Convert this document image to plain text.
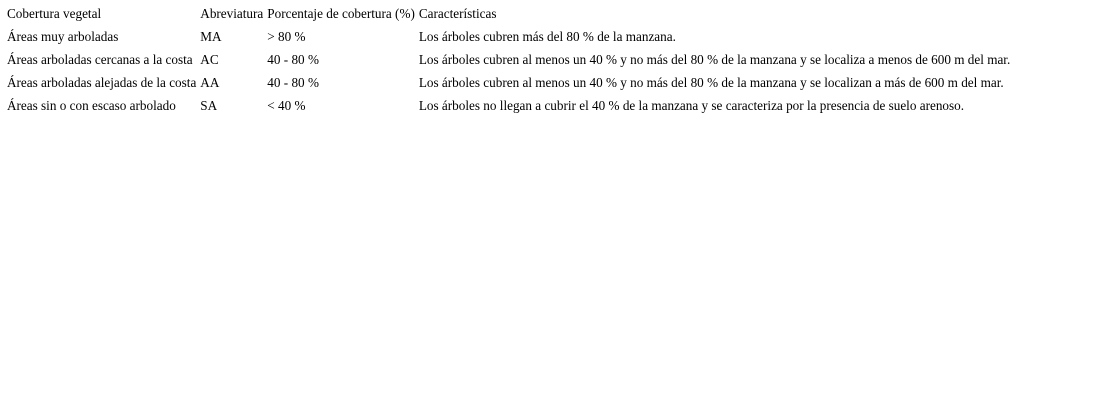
Cobertura vegetal	Abreviatura	Porcentaje de cobertura (%)	Características
Áreas muy arboladas	MA	> 80 %	Los árboles cubren más del 80 % de la manzana.
Áreas arboladas cercanas a la costa	AC	40 - 80 %	Los árboles cubren al menos un 40 % y no más del 80 % de la manzana y se localiza a menos de 600 m del mar.
Áreas arboladas alejadas de la costa	AA	40 - 80 %	Los árboles cubren al menos un 40 % y no más del 80 % de la manzana y se localizan a más de 600 m del mar.
Áreas sin o con escaso arbolado	SA	< 40 %	Los árboles no llegan a cubrir el 40 % de la manzana y se caracteriza por la presencia de suelo arenoso.
